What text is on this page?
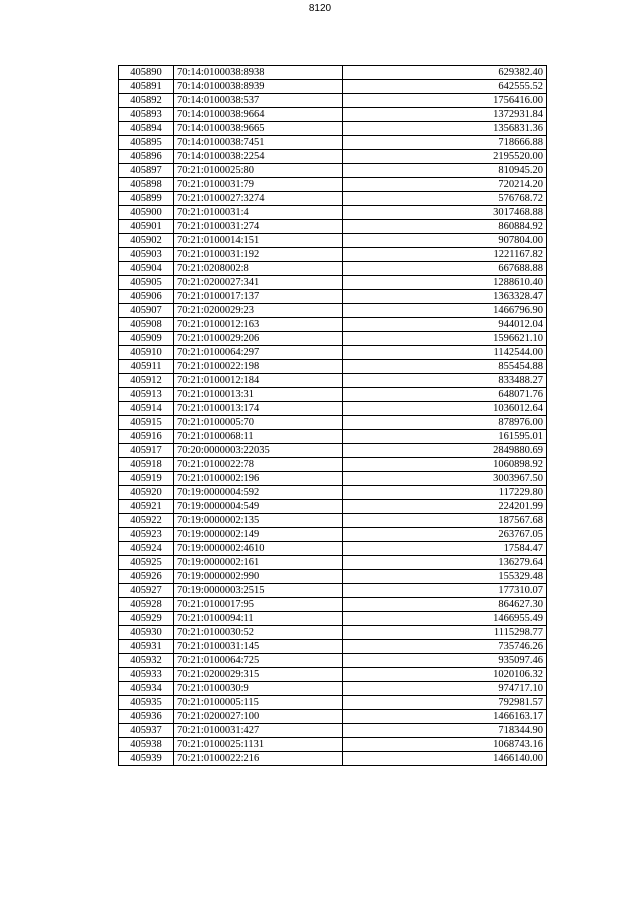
8120
405890	70:14:0100038:8938	629382.40
405891	70:14:0100038:8939	642555.52
405892	70:14:0100038:537	1756416.00
405893	70:14:0100038:9664	1372931.84
405894	70:14:0100038:9665	1356831.36
405895	70:14:0100038:7451	718666.88
405896	70:14:0100038:2254	2195520.00
405897	70:21:0100025:80	810945.20
405898	70:21:0100031:79	720214.20
405899	70:21:0100027:3274	576768.72
405900	70:21:0100031:4	3017468.88
405901	70:21:0100031:274	860884.92
405902	70:21:0100014:151	907804.00
405903	70:21:0100031:192	1221167.82
405904	70:21:0208002:8	667688.88
405905	70:21:0200027:341	1288610.40
405906	70:21:0100017:137	1363328.47
405907	70:21:0200029:23	1466796.90
405908	70:21:0100012:163	944012.04
405909	70:21:0100029:206	1596621.10
405910	70:21:0100064:297	1142544.00
405911	70:21:0100022:198	855454.88
405912	70:21:0100012:184	833488.27
405913	70:21:0100013:31	648071.76
405914	70:21:0100013:174	1036012.64
405915	70:21:0100005:70	878976.00
405916	70:21:0100068:11	161595.01
405917	70:20:0000003:22035	2849880.69
405918	70:21:0100022:78	1060898.92
405919	70:21:0100002:196	3003967.50
405920	70:19:0000004:592	117229.80
405921	70:19:0000004:549	224201.99
405922	70:19:0000002:135	187567.68
405923	70:19:0000002:149	263767.05
405924	70:19:0000002:4610	17584.47
405925	70:19:0000002:161	136279.64
405926	70:19:0000002:990	155329.48
405927	70:19:0000003:2515	177310.07
405928	70:21:0100017:95	864627.30
405929	70:21:0100094:11	1466955.49
405930	70:21:0100030:52	1115298.77
405931	70:21:0100031:145	735746.26
405932	70:21:0100064:725	935097.46
405933	70:21:0200029:315	1020106.32
405934	70:21:0100030:9	974717.10
405935	70:21:0100005:115	792981.57
405936	70:21:0200027:100	1466163.17
405937	70:21:0100031:427	718344.90
405938	70:21:0100025:1131	1068743.16
405939	70:21:0100022:216	1466140.00
